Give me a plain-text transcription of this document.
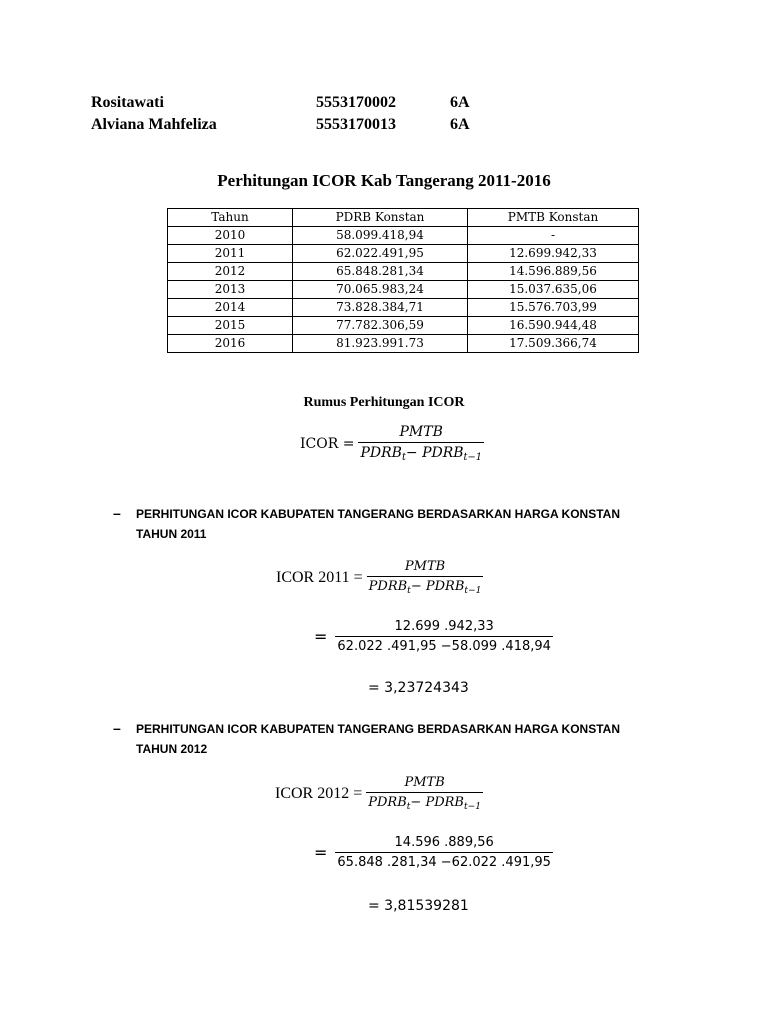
Rositawati	5553170002	6A
Alviana Mahfeliza	5553170013	6A
Perhitungan ICOR Kab Tangerang 2011-2016
Tahun	PDRB Konstan	PMTB Konstan
2010	58.099.418,94	-
2011	62.022.491,95	12.699.942,33
2012	65.848.281,34	14.596.889,56
2013	70.065.983,24	15.037.635,06
2014	73.828.384,71	15.576.703,99
2015	77.782.306,59	16.590.944,48
2016	81.923.991.73	17.509.366,74
Rumus Perhitungan ICOR
ICOR = $\frac{\text{PMTB}}{PDRB_t- PDRB_{t-1}}$
– PERHITUNGAN ICOR KABUPATEN TANGERANG BERDASARKAN HARGA KONSTAN TAHUN 2011
ICOR $2011 = \frac{\text{PMTB}}{PDRB_t- PDRB_{t-1}}$
= $\frac{12.699 .942,33}{62.022 .491,95 -58.099 .418,94}$
= 3,23724343
– PERHITUNGAN ICOR KABUPATEN TANGERANG BERDASARKAN HARGA KONSTAN TAHUN 2012
ICOR $2012 = \frac{\text{PMTB}}{PDRB_t- PDRB_{t-1}}$
= $\frac{14.596 .889,56}{65.848 .281,34 -62.022 .491,95}$
= 3,81539281
